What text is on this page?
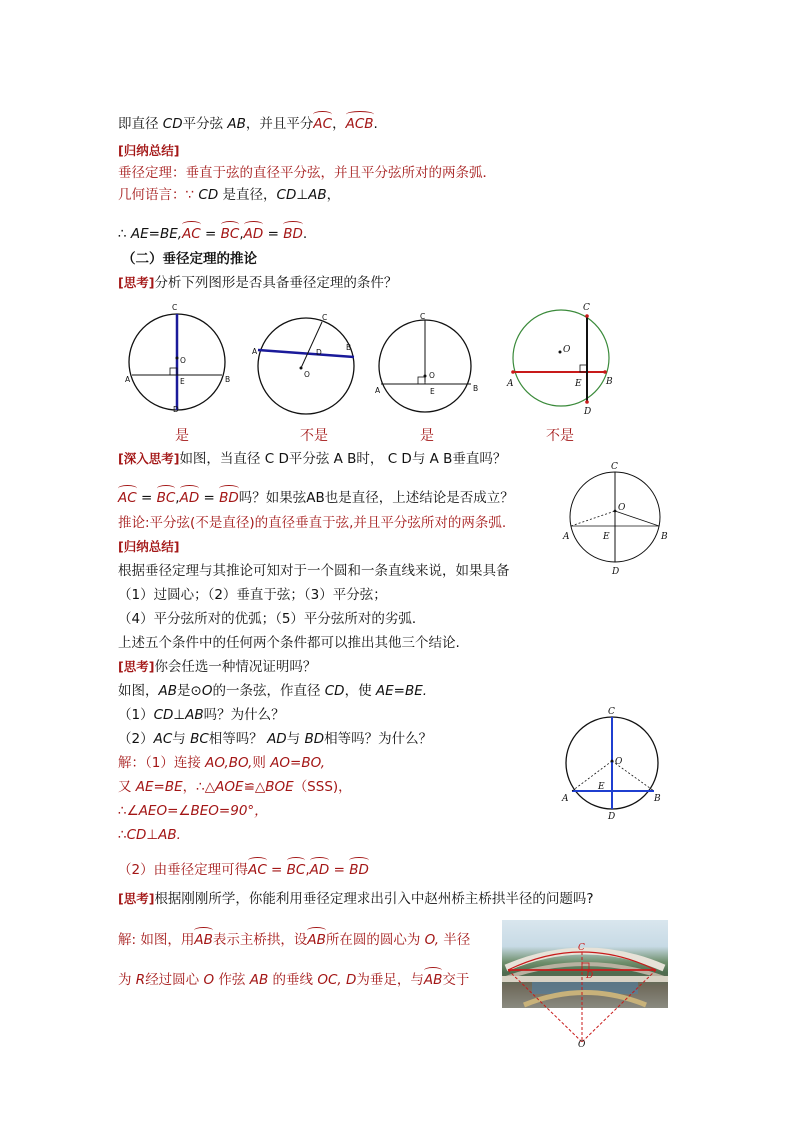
即直径 CD平分弦 AB，并且平分AC，ACB.
[归纳总结]
垂径定理：垂直于弦的直径平分弦，并且平分弦所对的两条弧．
几何语言：∵ CD 是直径，CD⊥AB，
∴ AE=BE,AC = BC,AD = BD.
（二）垂径定理的推论
[思考]分析下列图形是否具备垂径定理的条件？
C
O
E
A	B
D
C
D
A	B
O
C
O
E
A	B
C
O
E
A	B
D
是	不是	是	不是
[深入思考]如图，当直径 C D平分弦 A B时， C D与 A B垂直吗？
AC = BC,AD = BD吗？如果弦AB也是直径，上述结论是否成立？
C
O
E
A	B
D
推论:平分弦(不是直径)的直径垂直于弦,并且平分弦所对的两条弧.
[归纳总结]
根据垂径定理与其推论可知对于一个圆和一条直线来说，如果具备
（1）过圆心；（2）垂直于弦；（3）平分弦；
（4）平分弦所对的优弧；（5）平分弦所对的劣弧．
上述五个条件中的任何两个条件都可以推出其他三个结论.
[思考]你会任选一种情况证明吗？
如图，AB是⊙O的一条弦，作直径 CD，使 AE=BE.
（1）CD⊥AB吗？为什么？
（2）AC与 BC相等吗？ AD与 BD相等吗？为什么？
解：（1）连接 AO,BO,则 AO=BO,
又 AE=BE，∴△AOE≌△BOE（SSS)，
∴∠AEO=∠BEO=90°，
∴CD⊥AB.
C
O
E
A	B
D
（2）由垂径定理可得AC = BC,AD = BD
[思考]根据刚刚所学，你能利用垂径定理求出引入中赵州桥主桥拱半径的问题吗?
解: 如图，用AB表示主桥拱，设AB所在圆的圆心为 O, 半径
为 R经过圆心 O 作弦 AB 的垂线 OC, D为垂足，与AB交于
C
D
O
